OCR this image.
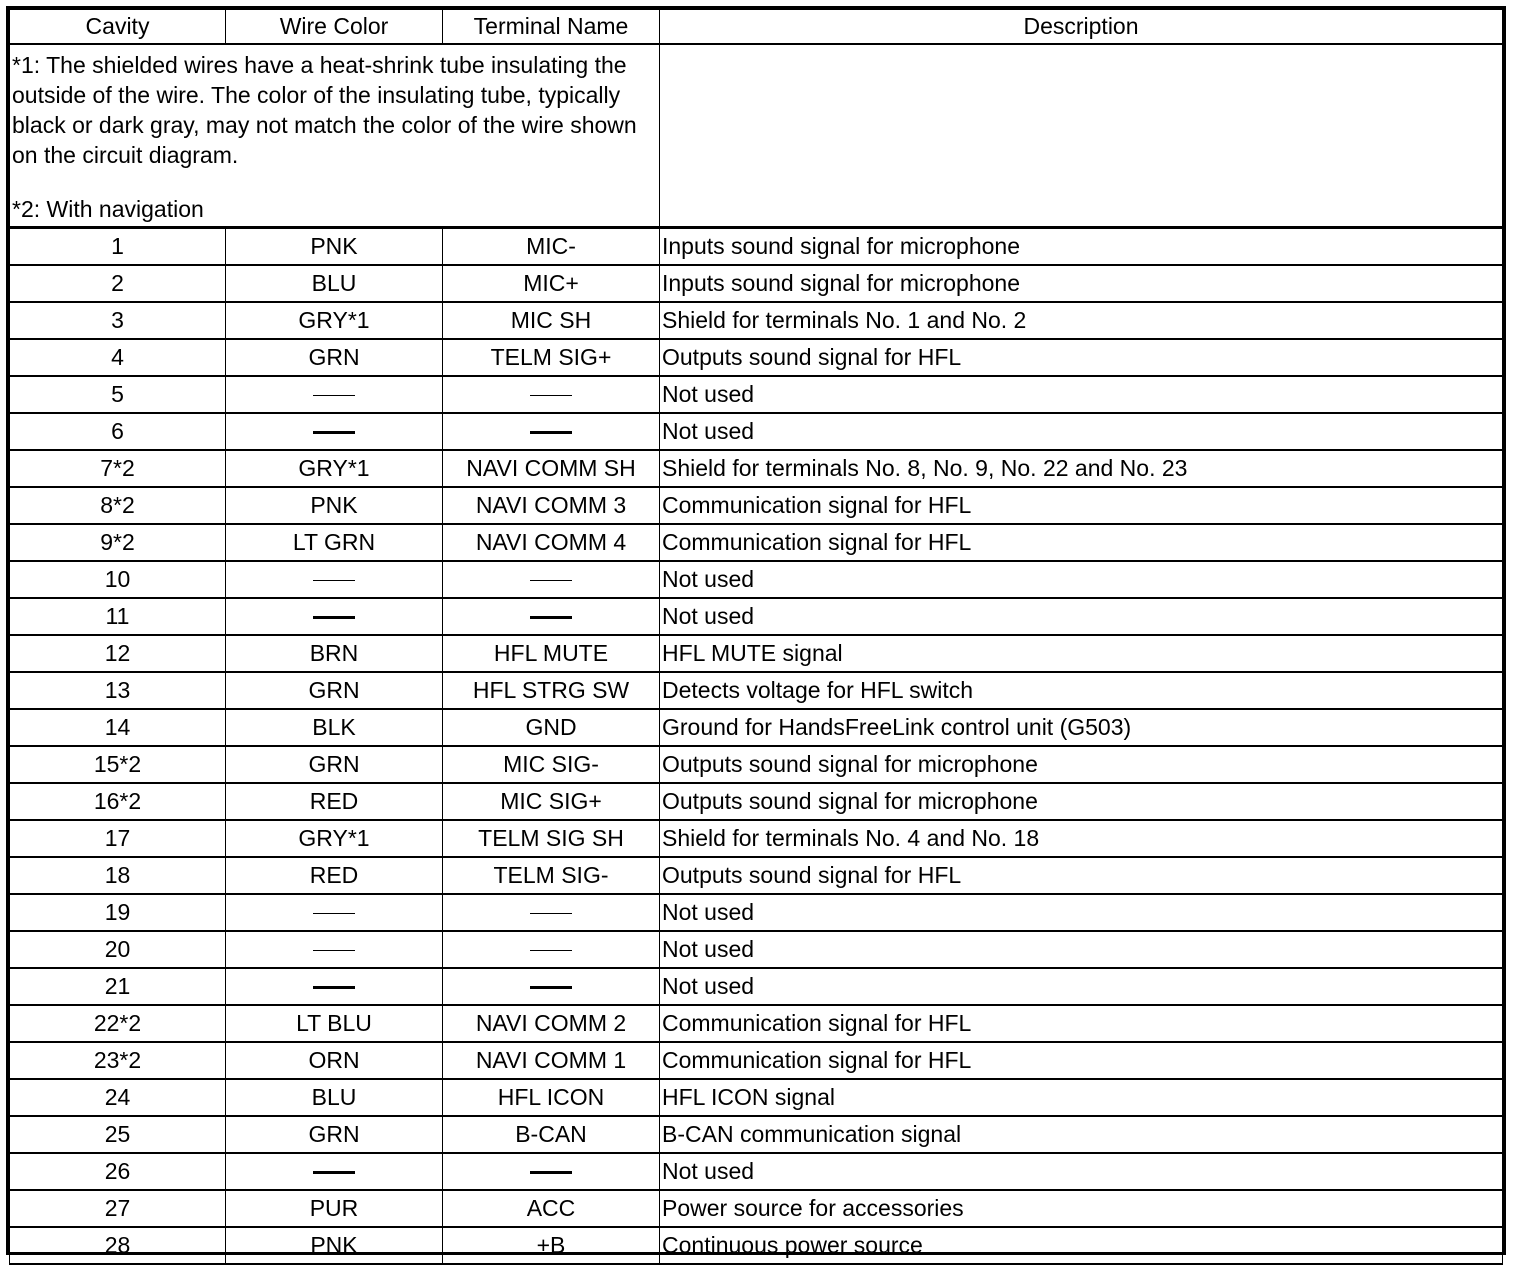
Cavity	Wire Color	Terminal Name	Description

*1: The shielded wires have a heat-shrink tube insulating the outside of the wire. The color of the insulating tube, typically black or dark gray, may not match the color of the wire shown on the circuit diagram.
*2: With navigation			

1	PNK	MIC-	Inputs sound signal for microphone
2	BLU	MIC+	Inputs sound signal for microphone
3	GRY*1	MIC SH	Shield for terminals No. 1 and No. 2
4	GRN	TELM SIG+	Outputs sound signal for HFL
5			Not used
6			Not used
7*2	GRY*1	NAVI COMM SH	Shield for terminals No. 8, No. 9, No. 22 and No. 23
8*2	PNK	NAVI COMM 3	Communication signal for HFL
9*2	LT GRN	NAVI COMM 4	Communication signal for HFL
10			Not used
11			Not used
12	BRN	HFL MUTE	HFL MUTE signal
13	GRN	HFL STRG SW	Detects voltage for HFL switch
14	BLK	GND	Ground for HandsFreeLink control unit (G503)
15*2	GRN	MIC SIG-	Outputs sound signal for microphone
16*2	RED	MIC SIG+	Outputs sound signal for microphone
17	GRY*1	TELM SIG SH	Shield for terminals No. 4 and No. 18
18	RED	TELM SIG-	Outputs sound signal for HFL
19			Not used
20			Not used
21			Not used
22*2	LT BLU	NAVI COMM 2	Communication signal for HFL
23*2	ORN	NAVI COMM 1	Communication signal for HFL
24	BLU	HFL ICON	HFL ICON signal
25	GRN	B-CAN	B-CAN communication signal
26			Not used
27	PUR	ACC	Power source for accessories
28	PNK	+B	Continuous power source
